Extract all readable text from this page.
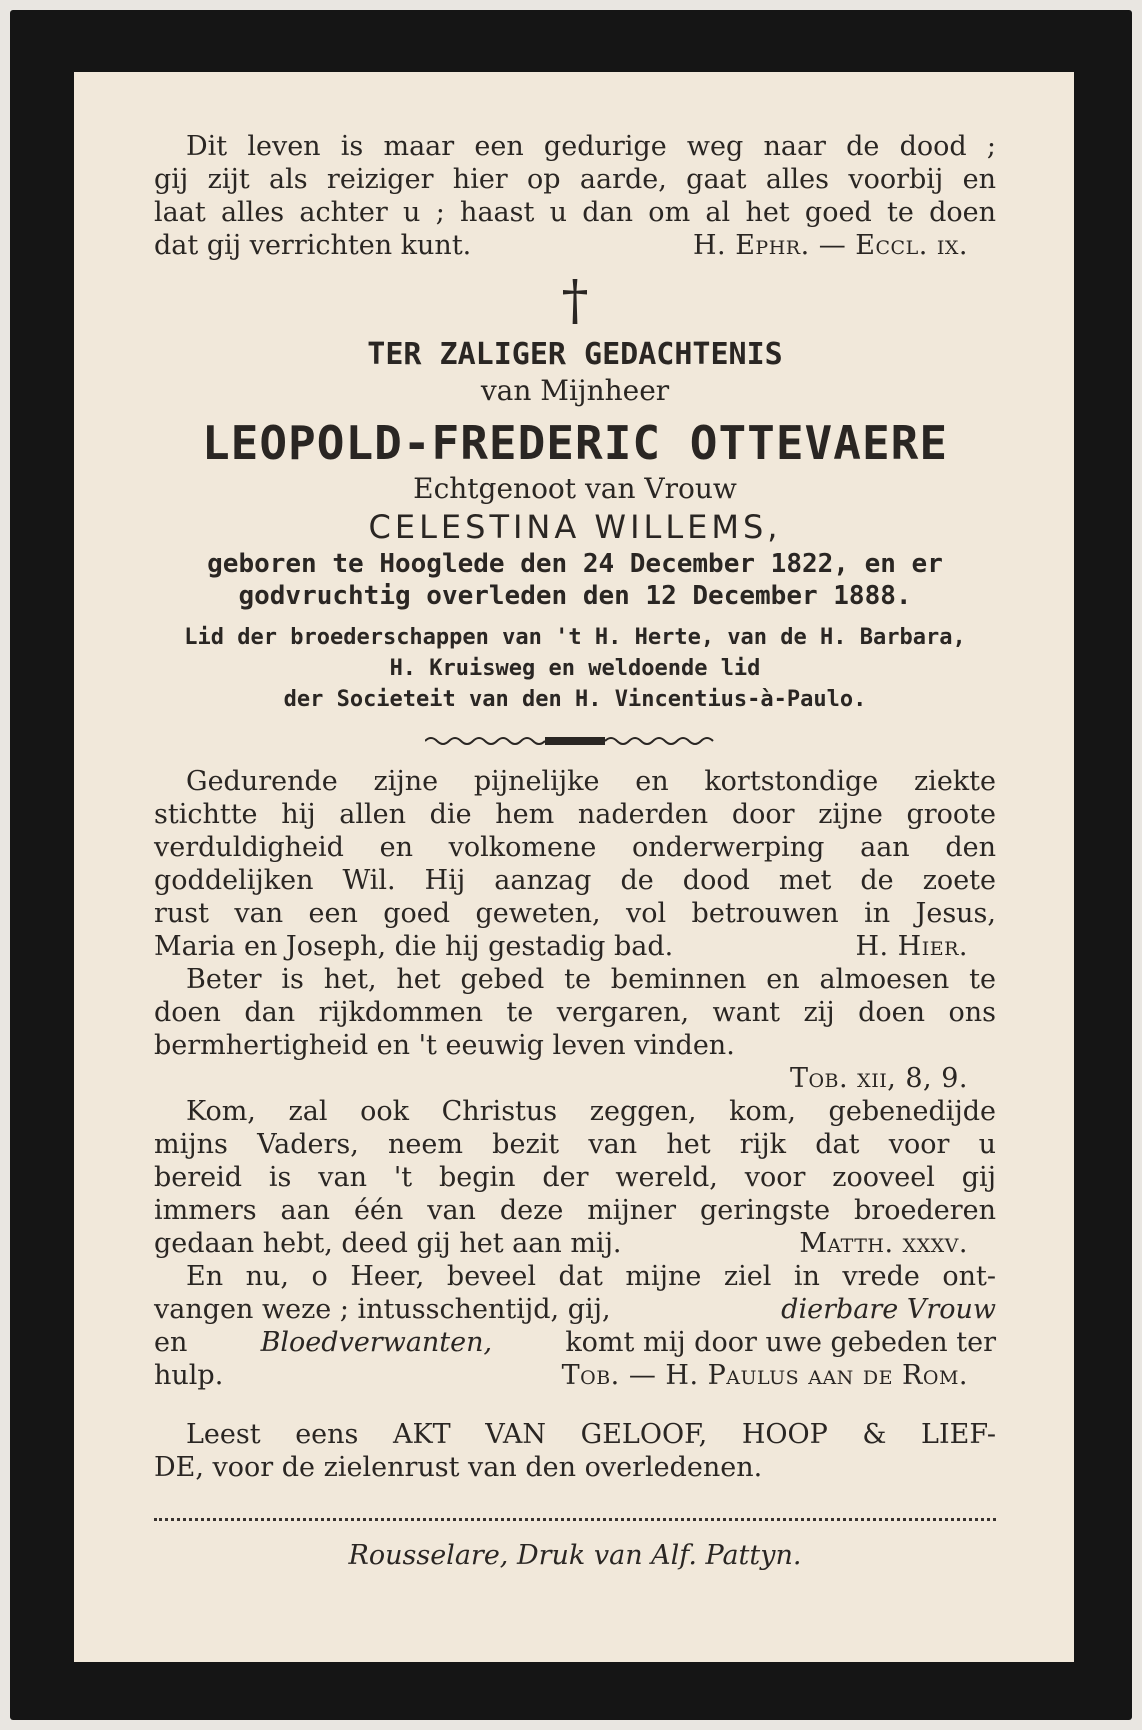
Dit leven is maar een gedurige weg naar de dood ;

gij zijt als reiziger hier op aarde, gaat alles voorbij en

laat alles achter u ; haast u dan om al het goed te doen

dat gij verrichten kunt.	H. Ephr. — Eccl. ix.
†
TER ZALIGER GEDACHTENIS
van Mijnheer
LEOPOLD-FREDERIC OTTEVAERE
Echtgenoot van Vrouw
CELESTINA WILLEMS,
geboren te Hooglede den 24 December 1822, en er
godvruchtig overleden den 12 December 1888.
Lid der broederschappen van 't H. Herte, van de H. Barbara,
H. Kruisweg en weldoende lid
der Societeit van den H. Vincentius-à-Paulo.

Gedurende zijne pijnelijke en kortstondige ziekte

stichtte hij allen die hem naderden door zijne groote

verduldigheid en volkomene onderwerping aan den

goddelijken Wil. Hij aanzag de dood met de zoete

rust van een goed geweten, vol betrouwen in Jesus,

Maria en Joseph, die hij gestadig bad.	H. Hier.

Beter is het, het gebed te beminnen en almoesen te

doen dan rijkdommen te vergaren, want zij doen ons

bermhertigheid en 't eeuwig leven vinden.

Tob. xii, 8, 9.

Kom, zal ook Christus zeggen, kom, gebenedijde

mijns Vaders, neem bezit van het rijk dat voor u

bereid is van 't begin der wereld, voor zooveel gij

immers aan één van deze mijner geringste broederen

gedaan hebt, deed gij het aan mij.	Matth. xxxv.

En nu, o Heer, beveel dat mijne ziel in vrede ont-

vangen weze ; intusschentijd, gij,	dierbare Vrouw
en	Bloedverwanten,	komt mij door uwe gebeden ter
hulp.	Tob. — H. Paulus aan de Rom.

Leest eens AKT VAN GELOOF, HOOP & LIEF-

DE, voor de zielenrust van den overledenen.

Rousselare, Druk van Alf. Pattyn.
